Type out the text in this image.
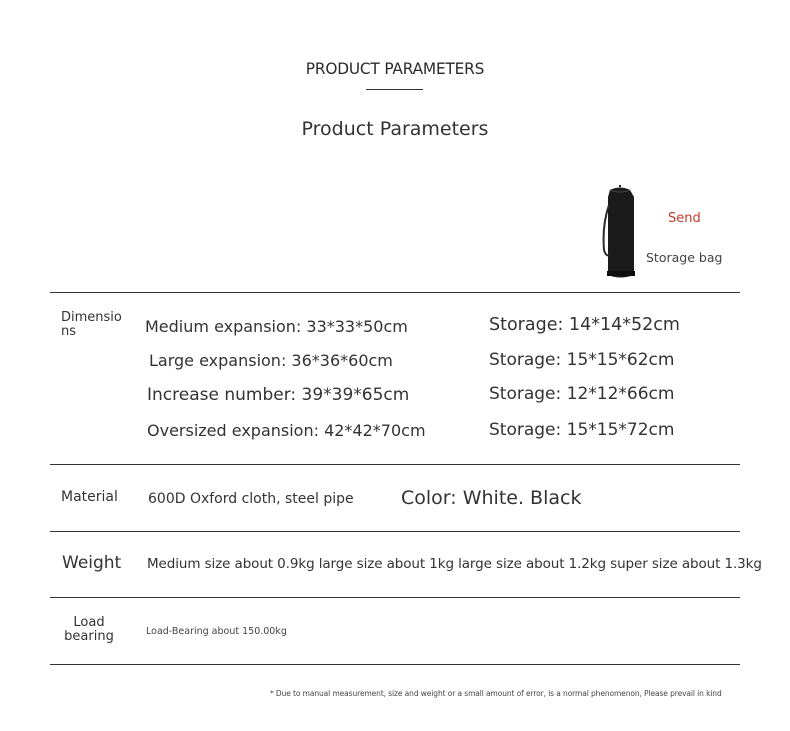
PRODUCT PARAMETERS
Product Parameters
Send
Storage bag
Dimensions	Medium expansion: 33*33*50cm	Storage: 14*14*52cm
Large expansion: 36*36*60cm	Storage: 15*15*62cm
Increase number: 39*39*65cm	Storage: 12*12*66cm
Oversized expansion: 42*42*70cm	Storage: 15*15*72cm
Material 600D Oxford cloth, steel pipe Color: White. Black
Weight Medium size about 0.9kg large size about 1kg large size about 1.2kg super size about 1.3kg
Load bearing	Load-Bearing about 150.00kg
* Due to manual measurement, size and weight or a small amount of error, is a normal phenomenon, Please prevail in kind
